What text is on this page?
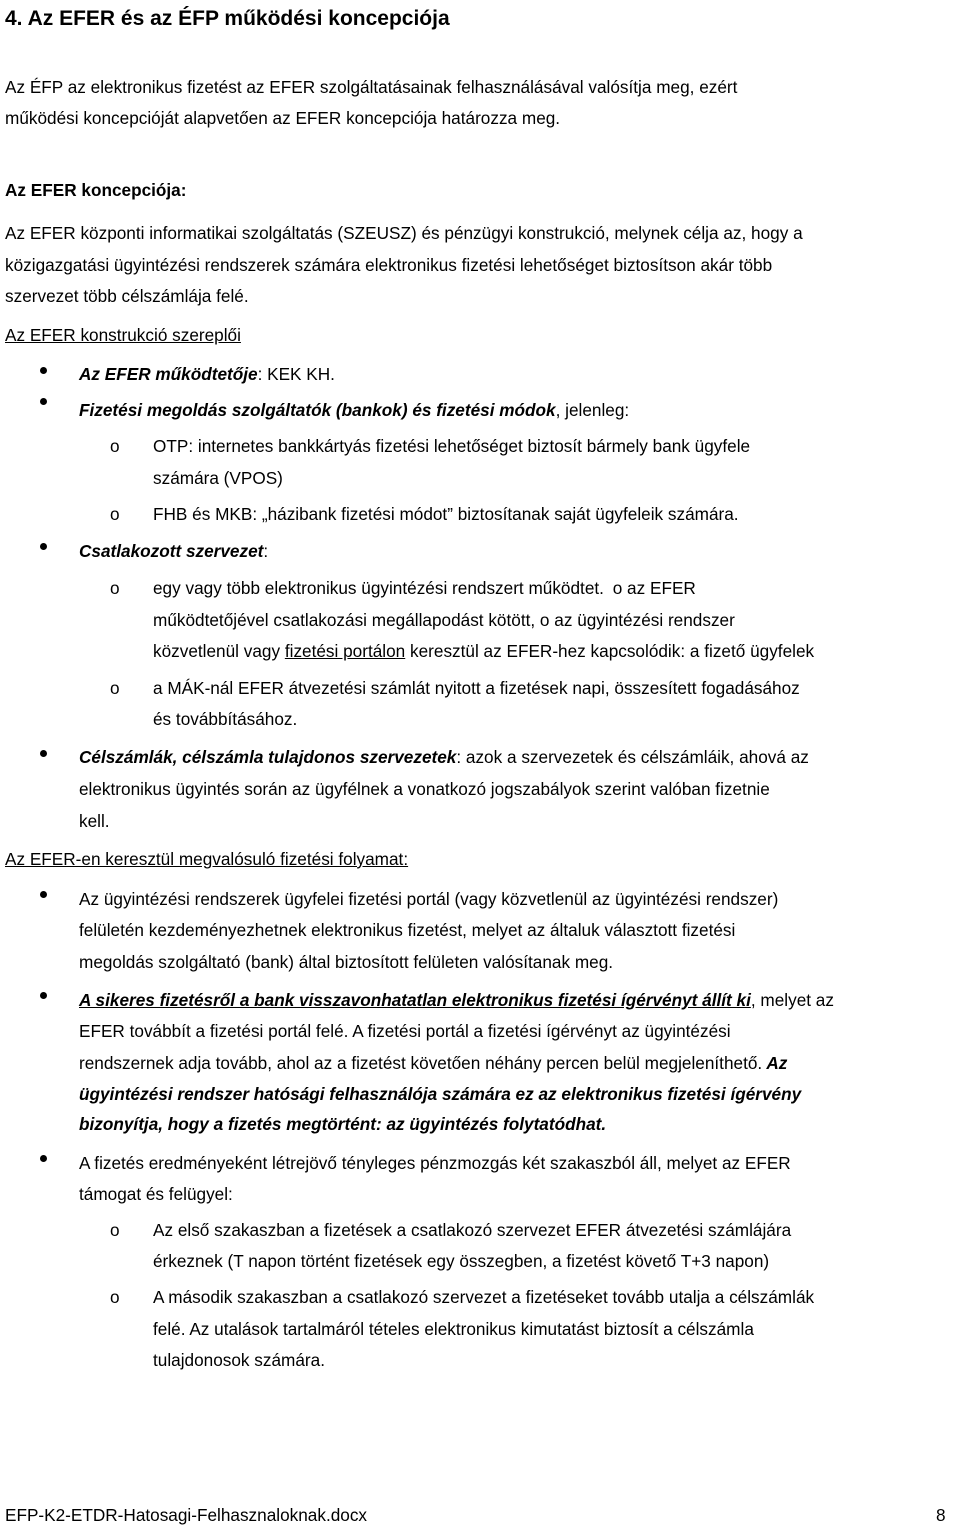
4. Az EFER és az ÉFP működési koncepciója
Az ÉFP az elektronikus fizetést az EFER szolgáltatásainak felhasználásával valósítja meg, ezért
működési koncepcióját alapvetően az EFER koncepciója határozza meg.
Az EFER koncepciója:
Az EFER központi informatikai szolgáltatás (SZEUSZ) és pénzügyi konstrukció, melynek célja az, hogy a
közigazgatási ügyintézési rendszerek számára elektronikus fizetési lehetőséget biztosítson akár több
szervezet több célszámlája felé.
Az EFER konstrukció szereplői
Az EFER működtetője: KEK KH.
Fizetési megoldás szolgáltatók (bankok) és fizetési módok, jelenleg:
o OTP: internetes bankkártyás fizetési lehetőséget biztosít bármely bank ügyfele
számára (VPOS)
o FHB és MKB: „házibank fizetési módot” biztosítanak saját ügyfeleik számára.
Csatlakozott szervezet:
o egy vagy több elektronikus ügyintézési rendszert működtet. o az EFER
működtetőjével csatlakozási megállapodást kötött, o az ügyintézési rendszer
közvetlenül vagy fizetési portálon keresztül az EFER-hez kapcsolódik: a fizető ügyfelek
o a MÁK-nál EFER átvezetési számlát nyitott a fizetések napi, összesített fogadásához
és továbbításához.
Célszámlák, célszámla tulajdonos szervezetek: azok a szervezetek és célszámláik, ahová az
elektronikus ügyintés során az ügyfélnek a vonatkozó jogszabályok szerint valóban fizetnie
kell.
Az EFER-en keresztül megvalósuló fizetési folyamat:
Az ügyintézési rendszerek ügyfelei fizetési portál (vagy közvetlenül az ügyintézési rendszer)
felületén kezdeményezhetnek elektronikus fizetést, melyet az általuk választott fizetési
megoldás szolgáltató (bank) által biztosított felületen valósítanak meg.
A sikeres fizetésről a bank visszavonhatatlan elektronikus fizetési ígérvényt állít ki, melyet az
EFER továbbít a fizetési portál felé. A fizetési portál a fizetési ígérvényt az ügyintézési
rendszernek adja tovább, ahol az a fizetést követően néhány percen belül megjeleníthető. Az
ügyintézési rendszer hatósági felhasználója számára ez az elektronikus fizetési ígérvény
bizonyítja, hogy a fizetés megtörtént: az ügyintézés folytatódhat.
A fizetés eredményeként létrejövő tényleges pénzmozgás két szakaszból áll, melyet az EFER
támogat és felügyel:
o Az első szakaszban a fizetések a csatlakozó szervezet EFER átvezetési számlájára
érkeznek (T napon történt fizetések egy összegben, a fizetést követő T+3 napon)
o A második szakaszban a csatlakozó szervezet a fizetéseket tovább utalja a célszámlák
felé. Az utalások tartalmáról tételes elektronikus kimutatást biztosít a célszámla
tulajdonosok számára.
EFP-K2-ETDR-Hatosagi-Felhasznaloknak.docx	8
